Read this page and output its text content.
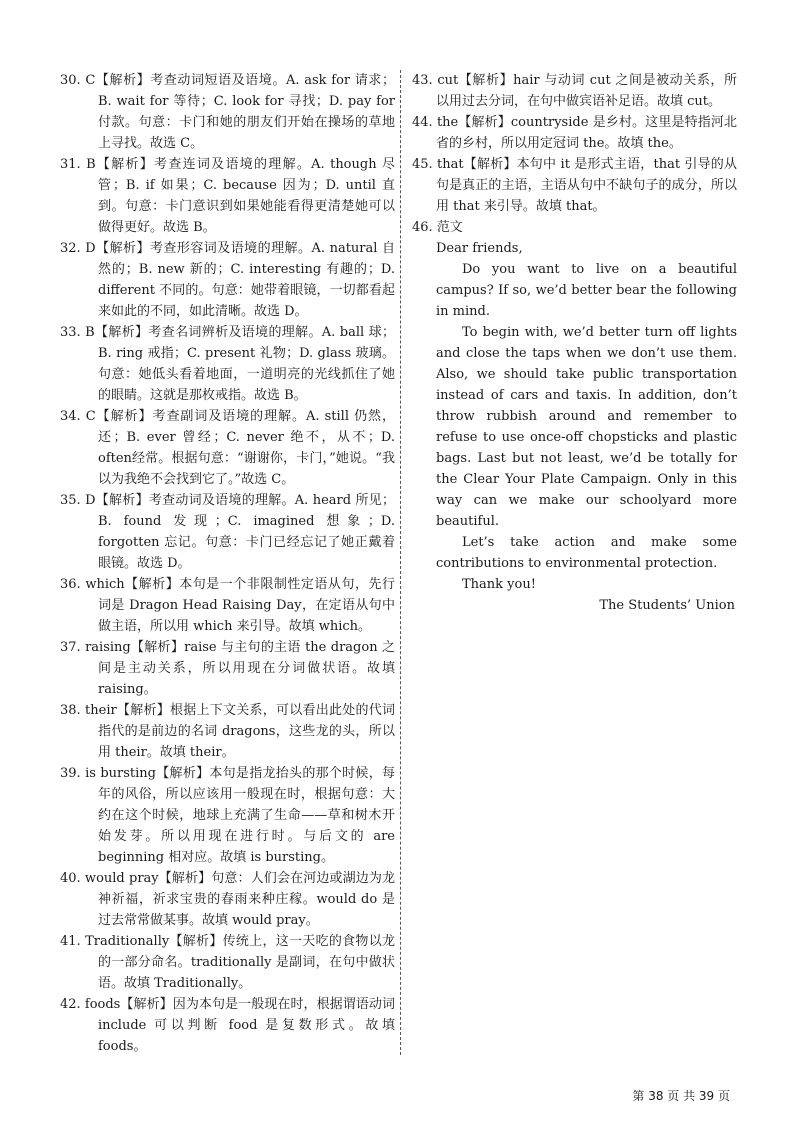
30. C【解析】考查动词短语及语境。A. ask for 请求；B. wait for 等待；C. look for 寻找；D. pay for 付款。句意：卡门和她的朋友们开始在操场的草地上寻找。故选 C。

31. B【解析】考查连词及语境的理解。A. though 尽管；B. if 如果；C. because 因为；D. until 直到。句意：卡门意识到如果她能看得更清楚她可以做得更好。故选 B。

32. D【解析】考查形容词及语境的理解。A. natural 自然的；B. new 新的；C. interesting 有趣的；D. different 不同的。句意：她带着眼镜，一切都看起来如此的不同，如此清晰。故选 D。

33. B【解析】考查名词辨析及语境的理解。A. ball 球；B. ring 戒指；C. present 礼物；D. glass 玻璃。句意：她低头看着地面，一道明亮的光线抓住了她的眼睛。这就是那枚戒指。故选 B。

34. C【解析】考查副词及语境的理解。A. still 仍然，还；B. ever 曾经；C. never 绝不，从不；D. often经常。根据句意：“谢谢你，卡门，”她说。“我以为我绝不会找到它了。”故选 C。

35. D【解析】考查动词及语境的理解。A. heard 所见；B. found 发现；C. imagined 想象；D. forgotten 忘记。句意：卡门已经忘记了她正戴着眼镜。故选 D。

36. which【解析】本句是一个非限制性定语从句，先行词是 Dragon Head Raising Day，在定语从句中做主语，所以用 which 来引导。故填 which。

37. raising【解析】raise 与主句的主语 the dragon 之间是主动关系，所以用现在分词做状语。故填 raising。

38. their【解析】根据上下文关系，可以看出此处的代词指代的是前边的名词 dragons，这些龙的头，所以用 their。故填 their。

39. is bursting【解析】本句是指龙抬头的那个时候，每年的风俗，所以应该用一般现在时，根据句意：大约在这个时候，地球上充满了生命——草和树木开始发芽。所以用现在进行时。与后文的 are beginning 相对应。故填 is bursting。

40. would pray【解析】句意：人们会在河边或湖边为龙神祈福，祈求宝贵的春雨来种庄稼。would do 是过去常常做某事。故填 would pray。

41. Traditionally【解析】传统上，这一天吃的食物以龙的一部分命名。traditionally 是副词，在句中做状语。故填 Traditionally。

42. foods【解析】因为本句是一般现在时，根据谓语动词 include 可以判断 food 是复数形式。故填 foods。

43. cut【解析】hair 与动词 cut 之间是被动关系，所以用过去分词，在句中做宾语补足语。故填 cut。

44. the【解析】countryside 是乡村。这里是特指河北省的乡村，所以用定冠词 the。故填 the。

45. that【解析】本句中 it 是形式主语，that 引导的从句是真正的主语，主语从句中不缺句子的成分，所以用 that 来引导。故填 that。

46. 范文

Dear friends,

Do you want to live on a beautiful campus? If so, we’d better bear the following in mind.

To begin with, we’d better turn off lights and close the taps when we don’t use them. Also, we should take public transportation instead of cars and taxis. In addition, don’t throw rubbish around and remember to refuse to use once-off chopsticks and plastic bags. Last but not least, we’d be totally for the Clear Your Plate Campaign. Only in this way can we make our schoolyard more beautiful.

Let’s take action and make some contributions to environmental protection.

Thank you!

The Students’ Union

第 38 页 共 39 页
